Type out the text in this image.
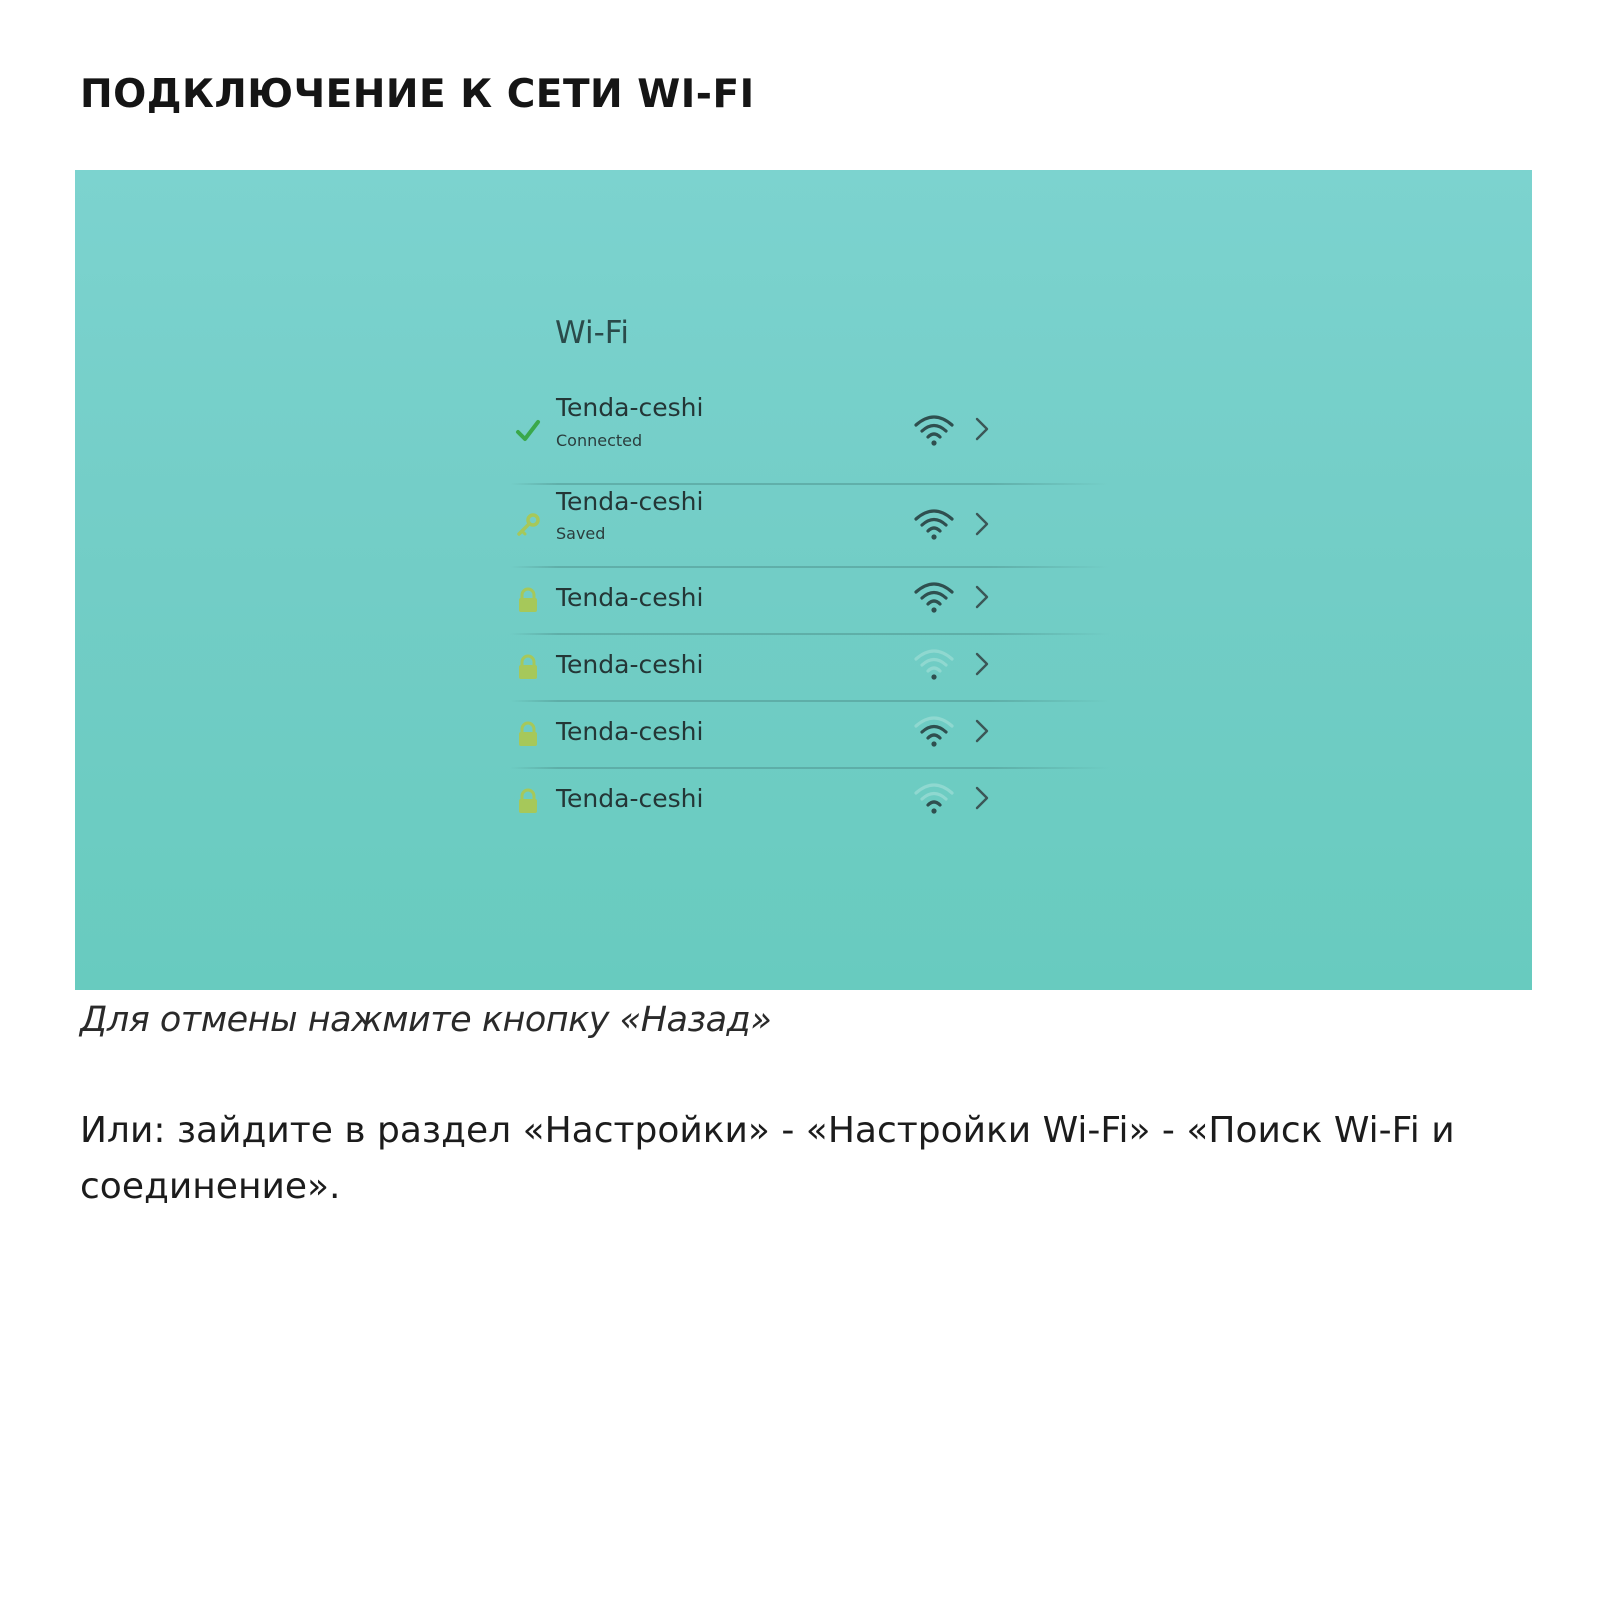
ПОДКЛЮЧЕНИЕ К СЕТИ WI-FI
Wi-Fi
Tenda-ceshi
Connected
Tenda-ceshi
Saved
Tenda-ceshi
Tenda-ceshi
Tenda-ceshi
Tenda-ceshi
Для отмены нажмите кнопку «Назад»
Или: зайдите в раздел «Настройки» - «Настройки Wi-Fi» - «Поиск Wi-Fi и соединение».
